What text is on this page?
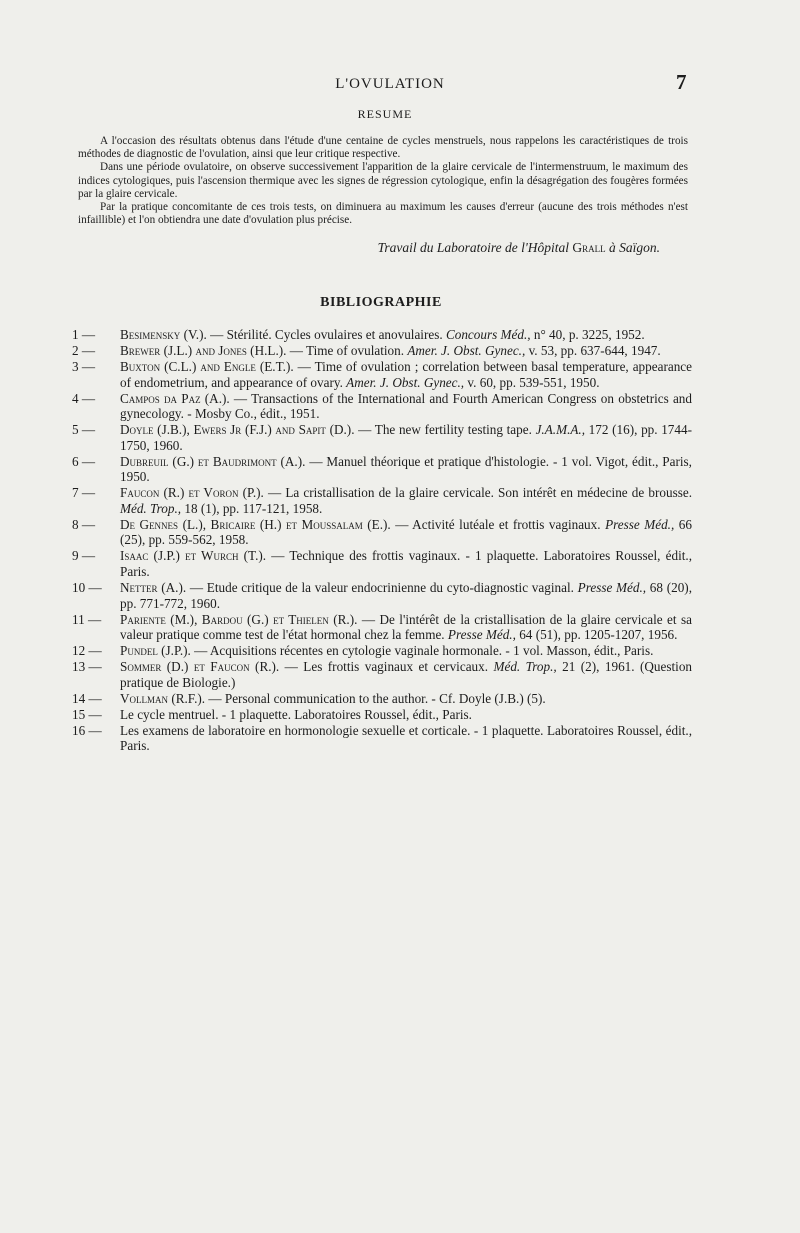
L'OVULATION	7
RESUME

A l'occasion des résultats obtenus dans l'étude d'une centaine de cycles menstruels, nous rappelons les caractéristiques de trois méthodes de diagnostic de l'ovulation, ainsi que leur critique respective.

Dans une période ovulatoire, on observe successivement l'apparition de la glaire cervicale de l'intermenstruum, le maximum des indices cytologiques, puis l'ascension thermique avec les signes de régression cytologique, enfin la désagrégation des fougères formées par la glaire cervicale.

Par la pratique concomitante de ces trois tests, on diminuera au maximum les causes d'erreur (aucune des trois méthodes n'est infaillible) et l'on obtiendra une date d'ovulation plus précise.

Travail du Laboratoire de l'Hôpital Grall à Saïgon.
BIBLIOGRAPHIE
1 —	Besimensky (V.). — Stérilité. Cycles ovulaires et anovulaires. Concours Méd., n° 40, p. 3225, 1952.
2 —	Brewer (J.L.) and Jones (H.L.). — Time of ovulation. Amer. J. Obst. Gynec., v. 53, pp. 637-644, 1947.
3 —	Buxton (C.L.) and Engle (E.T.). — Time of ovulation ; correlation between basal temperature, appearance of endometrium, and appearance of ovary. Amer. J. Obst. Gynec., v. 60, pp. 539-551, 1950.
4 —	Campos da Paz (A.). — Transactions of the International and Fourth American Congress on obstetrics and gynecology. - Mosby Co., édit., 1951.
5 —	Doyle (J.B.), Ewers Jr (F.J.) and Sapit (D.). — The new fertility testing tape. J.A.M.A., 172 (16), pp. 1744-1750, 1960.
6 —	Dubreuil (G.) et Baudrimont (A.). — Manuel théorique et pratique d'histologie. - 1 vol. Vigot, édit., Paris, 1950.
7 —	Faucon (R.) et Voron (P.). — La cristallisation de la glaire cervicale. Son intérêt en médecine de brousse. Méd. Trop., 18 (1), pp. 117-121, 1958.
8 —	De Gennes (L.), Bricaire (H.) et Moussalam (E.). — Activité lutéale et frottis vaginaux. Presse Méd., 66 (25), pp. 559-562, 1958.
9 —	Isaac (J.P.) et Wurch (T.). — Technique des frottis vaginaux. - 1 plaquette. Laboratoires Roussel, édit., Paris.
10 —	Netter (A.). — Etude critique de la valeur endocrinienne du cyto-diagnostic vaginal. Presse Méd., 68 (20), pp. 771-772, 1960.
11 —	Pariente (M.), Bardou (G.) et Thielen (R.). — De l'intérêt de la cristallisation de la glaire cervicale et sa valeur pratique comme test de l'état hormonal chez la femme. Presse Méd., 64 (51), pp. 1205-1207, 1956.
12 —	Pundel (J.P.). — Acquisitions récentes en cytologie vaginale hormonale. - 1 vol. Masson, édit., Paris.
13 —	Sommer (D.) et Faucon (R.). — Les frottis vaginaux et cervicaux. Méd. Trop., 21 (2), 1961. (Question pratique de Biologie.)
14 —	Vollman (R.F.). — Personal communication to the author. - Cf. Doyle (J.B.) (5).
15 —	Le cycle mentruel. - 1 plaquette. Laboratoires Roussel, édit., Paris.
16 —	Les examens de laboratoire en hormonologie sexuelle et corticale. - 1 plaquette. Laboratoires Roussel, édit., Paris.
